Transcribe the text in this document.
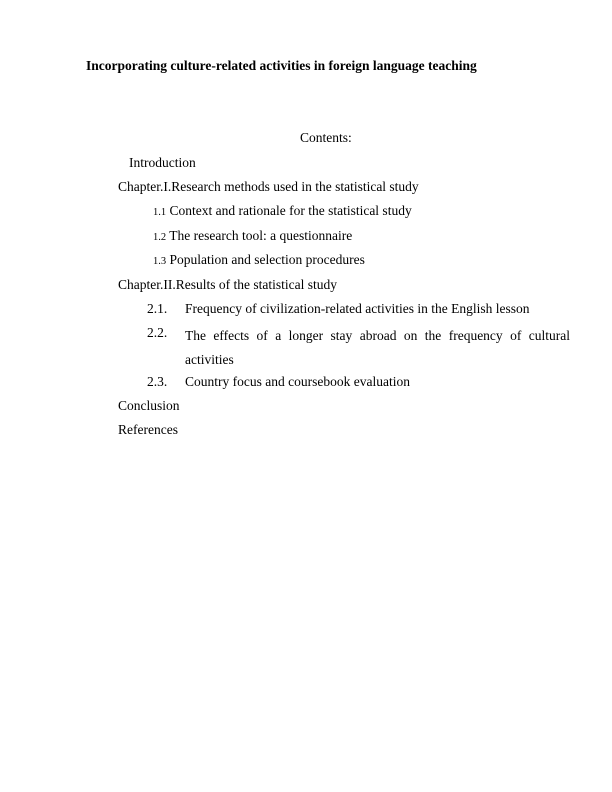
Incorporating culture-related activities in foreign language teaching
Contents:
Introduction
Chapter.I.Research methods used in the statistical study
1.1 Context and rationale for the statistical study
1.2 The research tool: a questionnaire
1.3 Population and selection procedures
Chapter.II.Results of the statistical study
2.1. Frequency of civilization-related activities in the English lesson
2.2. The effects of a longer stay abroad on the frequency of cultural activities
2.3. Country focus and coursebook evaluation
Conclusion
References
